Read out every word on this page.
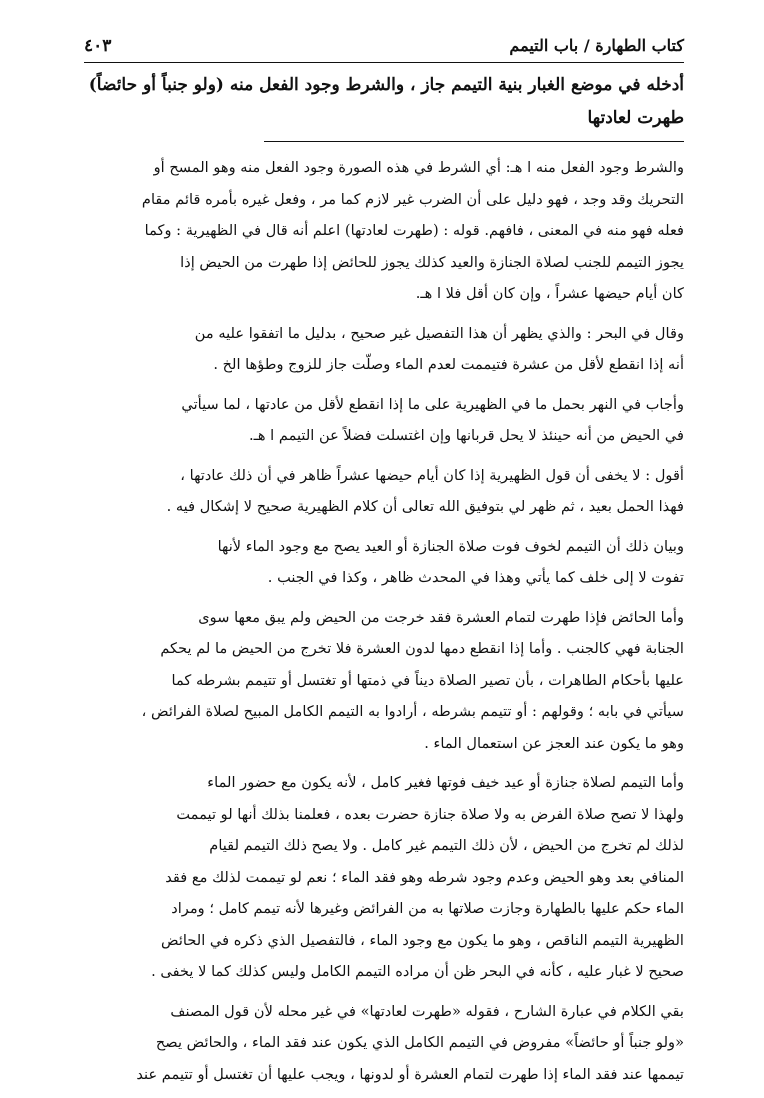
كتاب الطهارة / باب التيمم
٤٠٣
أدخله في موضع الغبار بنية التيمم جاز ، والشرط وجود الفعل منه (ولو جنباً أو حائضاً)
طهرت لعادتها
والشرط وجود الفعل منه ا هـ: أي الشرط في هذه الصورة وجود الفعل منه وهو المسح أو
التحريك وقد وجد ، فهو دليل على أن الضرب غير لازم كما مر ، وفعل غيره بأمره قائم مقام
فعله فهو منه في المعنى ، فافهم. قوله : (طهرت لعادتها) اعلم أنه قال في الظهيرية : وكما
يجوز التيمم للجنب لصلاة الجنازة والعيد كذلك يجوز للحائض إذا طهرت من الحيض إذا
كان أيام حيضها عشراً ، وإن كان أقل فلا ا هـ.
وقال في البحر : والذي يظهر أن هذا التفصيل غير صحيح ، بدليل ما اتفقوا عليه من
أنه إذا انقطع لأقل من عشرة فتيممت لعدم الماء وصلّت جاز للزوج وطؤها الخ .
وأجاب في النهر بحمل ما في الظهيرية على ما إذا انقطع لأقل من عادتها ، لما سيأتي
في الحيض من أنه حينئذ لا يحل قربانها وإن اغتسلت فضلاً عن التيمم ا هـ.
أقول : لا يخفى أن قول الظهيرية إذا كان أيام حيضها عشراً ظاهر في أن ذلك عادتها ،
فهذا الحمل بعيد ، ثم ظهر لي بتوفيق الله تعالى أن كلام الظهيرية صحيح لا إشكال فيه .
وبيان ذلك أن التيمم لخوف فوت صلاة الجنازة أو العيد يصح مع وجود الماء لأنها
تفوت لا إلى خلف كما يأتي وهذا في المحدث ظاهر ، وكذا في الجنب .
وأما الحائض فإذا طهرت لتمام العشرة فقد خرجت من الحيض ولم يبق معها سوى
الجنابة فهي كالجنب . وأما إذا انقطع دمها لدون العشرة فلا تخرج من الحيض ما لم يحكم
عليها بأحكام الطاهرات ، بأن تصير الصلاة ديناً في ذمتها أو تغتسل أو تتيمم بشرطه كما
سيأتي في بابه ؛ وقولهم : أو تتيمم بشرطه ، أرادوا به التيمم الكامل المبيح لصلاة الفرائض ،
وهو ما يكون عند العجز عن استعمال الماء .
وأما التيمم لصلاة جنازة أو عيد خيف فوتها فغير كامل ، لأنه يكون مع حضور الماء
ولهذا لا تصح صلاة الفرض به ولا صلاة جنازة حضرت بعده ، فعلمنا بذلك أنها لو تيممت
لذلك لم تخرج من الحيض ، لأن ذلك التيمم غير كامل . ولا يصح ذلك التيمم لقيام
المنافي بعد وهو الحيض وعدم وجود شرطه وهو فقد الماء ؛ نعم لو تيممت لذلك مع فقد
الماء حكم عليها بالطهارة وجازت صلاتها به من الفرائض وغيرها لأنه تيمم كامل ؛ ومراد
الظهيرية التيمم الناقص ، وهو ما يكون مع وجود الماء ، فالتفصيل الذي ذكره في الحائض
صحيح لا غبار عليه ، كأنه في البحر ظن أن مراده التيمم الكامل وليس كذلك كما لا يخفى .
بقي الكلام في عبارة الشارح ، فقوله «طهرت لعادتها» في غير محله لأن قول المصنف
«ولو جنباً أو حائضاً» مفروض في التيمم الكامل الذي يكون عند فقد الماء ، والحائض يصح
تيممها عند فقد الماء إذا طهرت لتمام العشرة أو لدونها ، ويجب عليها أن تغتسل أو تتيمم عند
